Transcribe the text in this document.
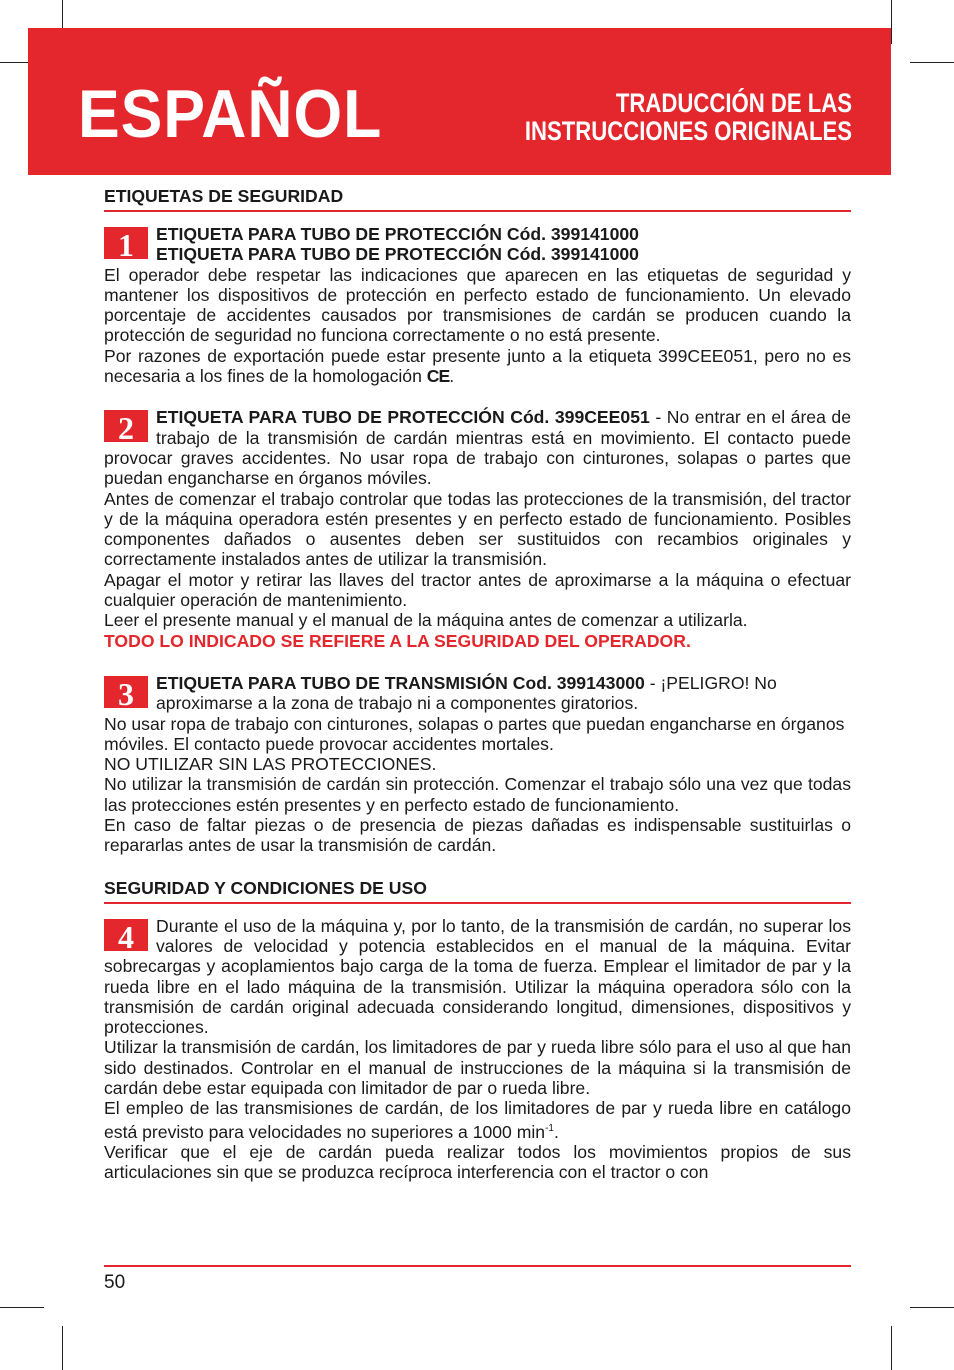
ESPAÑOL	TRADUCCIÓN DE LAS
INSTRUCCIONES ORIGINALES
ETIQUETAS DE SEGURIDAD
1	ETIQUETA PARA TUBO DE PROTECCIÓN Cód. 399141000

ETIQUETA PARA TUBO DE PROTECCIÓN Cód. 399141000

El operador debe respetar las indicaciones que aparecen en las etiquetas de seguridad y mantener los dispositivos de protección en perfecto estado de funcionamiento. Un elevado porcentaje de accidentes causados por transmisiones de cardán se producen cuando la protección de seguridad no funciona correctamente o no está presente.

Por razones de exportación puede estar presente junto a la etiqueta 399CEE051, pero no es necesaria a los fines de la homologación CE.

2	ETIQUETA PARA TUBO DE PROTECCIÓN Cód. 399CEE051 - No entrar en el área de trabajo de la transmisión de cardán mientras está en movimiento. El contacto puede provocar graves accidentes. No usar ropa de trabajo con cinturones, solapas o partes que puedan engancharse en órganos móviles.

Antes de comenzar el trabajo controlar que todas las protecciones de la transmisión, del tractor y de la máquina operadora estén presentes y en perfecto estado de funcionamiento. Posibles componentes dañados o ausentes deben ser sustituidos con recambios originales y correctamente instalados antes de utilizar la transmisión.

Apagar el motor y retirar las llaves del tractor antes de aproximarse a la máquina o efectuar cualquier operación de mantenimiento.

Leer el presente manual y el manual de la máquina antes de comenzar a utilizarla.

TODO LO INDICADO SE REFIERE A LA SEGURIDAD DEL OPERADOR.

3	ETIQUETA PARA TUBO DE TRANSMISIÓN Cod. 399143000 - ¡PELIGRO! No aproximarse a la zona de trabajo ni a componentes giratorios.

No usar ropa de trabajo con cinturones, solapas o partes que puedan engancharse en órganos móviles. El contacto puede provocar accidentes mortales.

NO UTILIZAR SIN LAS PROTECCIONES.

No utilizar la transmisión de cardán sin protección. Comenzar el trabajo sólo una vez que todas las protecciones estén presentes y en perfecto estado de funcionamiento.

En caso de faltar piezas o de presencia de piezas dañadas es indispensable sustituirlas o repararlas antes de usar la transmisión de cardán.

SEGURIDAD Y CONDICIONES DE USO
4	Durante el uso de la máquina y, por lo tanto, de la transmisión de cardán, no superar los valores de velocidad y potencia establecidos en el manual de la máquina. Evitar sobrecargas y acoplamientos bajo carga de la toma de fuerza. Emplear el limitador de par y la rueda libre en el lado máquina de la transmisión. Utilizar la máquina operadora sólo con la transmisión de cardán original adecuada considerando longitud, dimensiones, dispositivos y protecciones.

Utilizar la transmisión de cardán, los limitadores de par y rueda libre sólo para el uso al que han sido destinados. Controlar en el manual de instrucciones de la máquina si la transmisión de cardán debe estar equipada con limitador de par o rueda libre.

El empleo de las transmisiones de cardán, de los limitadores de par y rueda libre en catálogo está previsto para velocidades no superiores a 1000 $\min^{-1}$.

Verificar que el eje de cardán pueda realizar todos los movimientos propios de sus articulaciones sin que se produzca recíproca interferencia con el tractor o con

50
